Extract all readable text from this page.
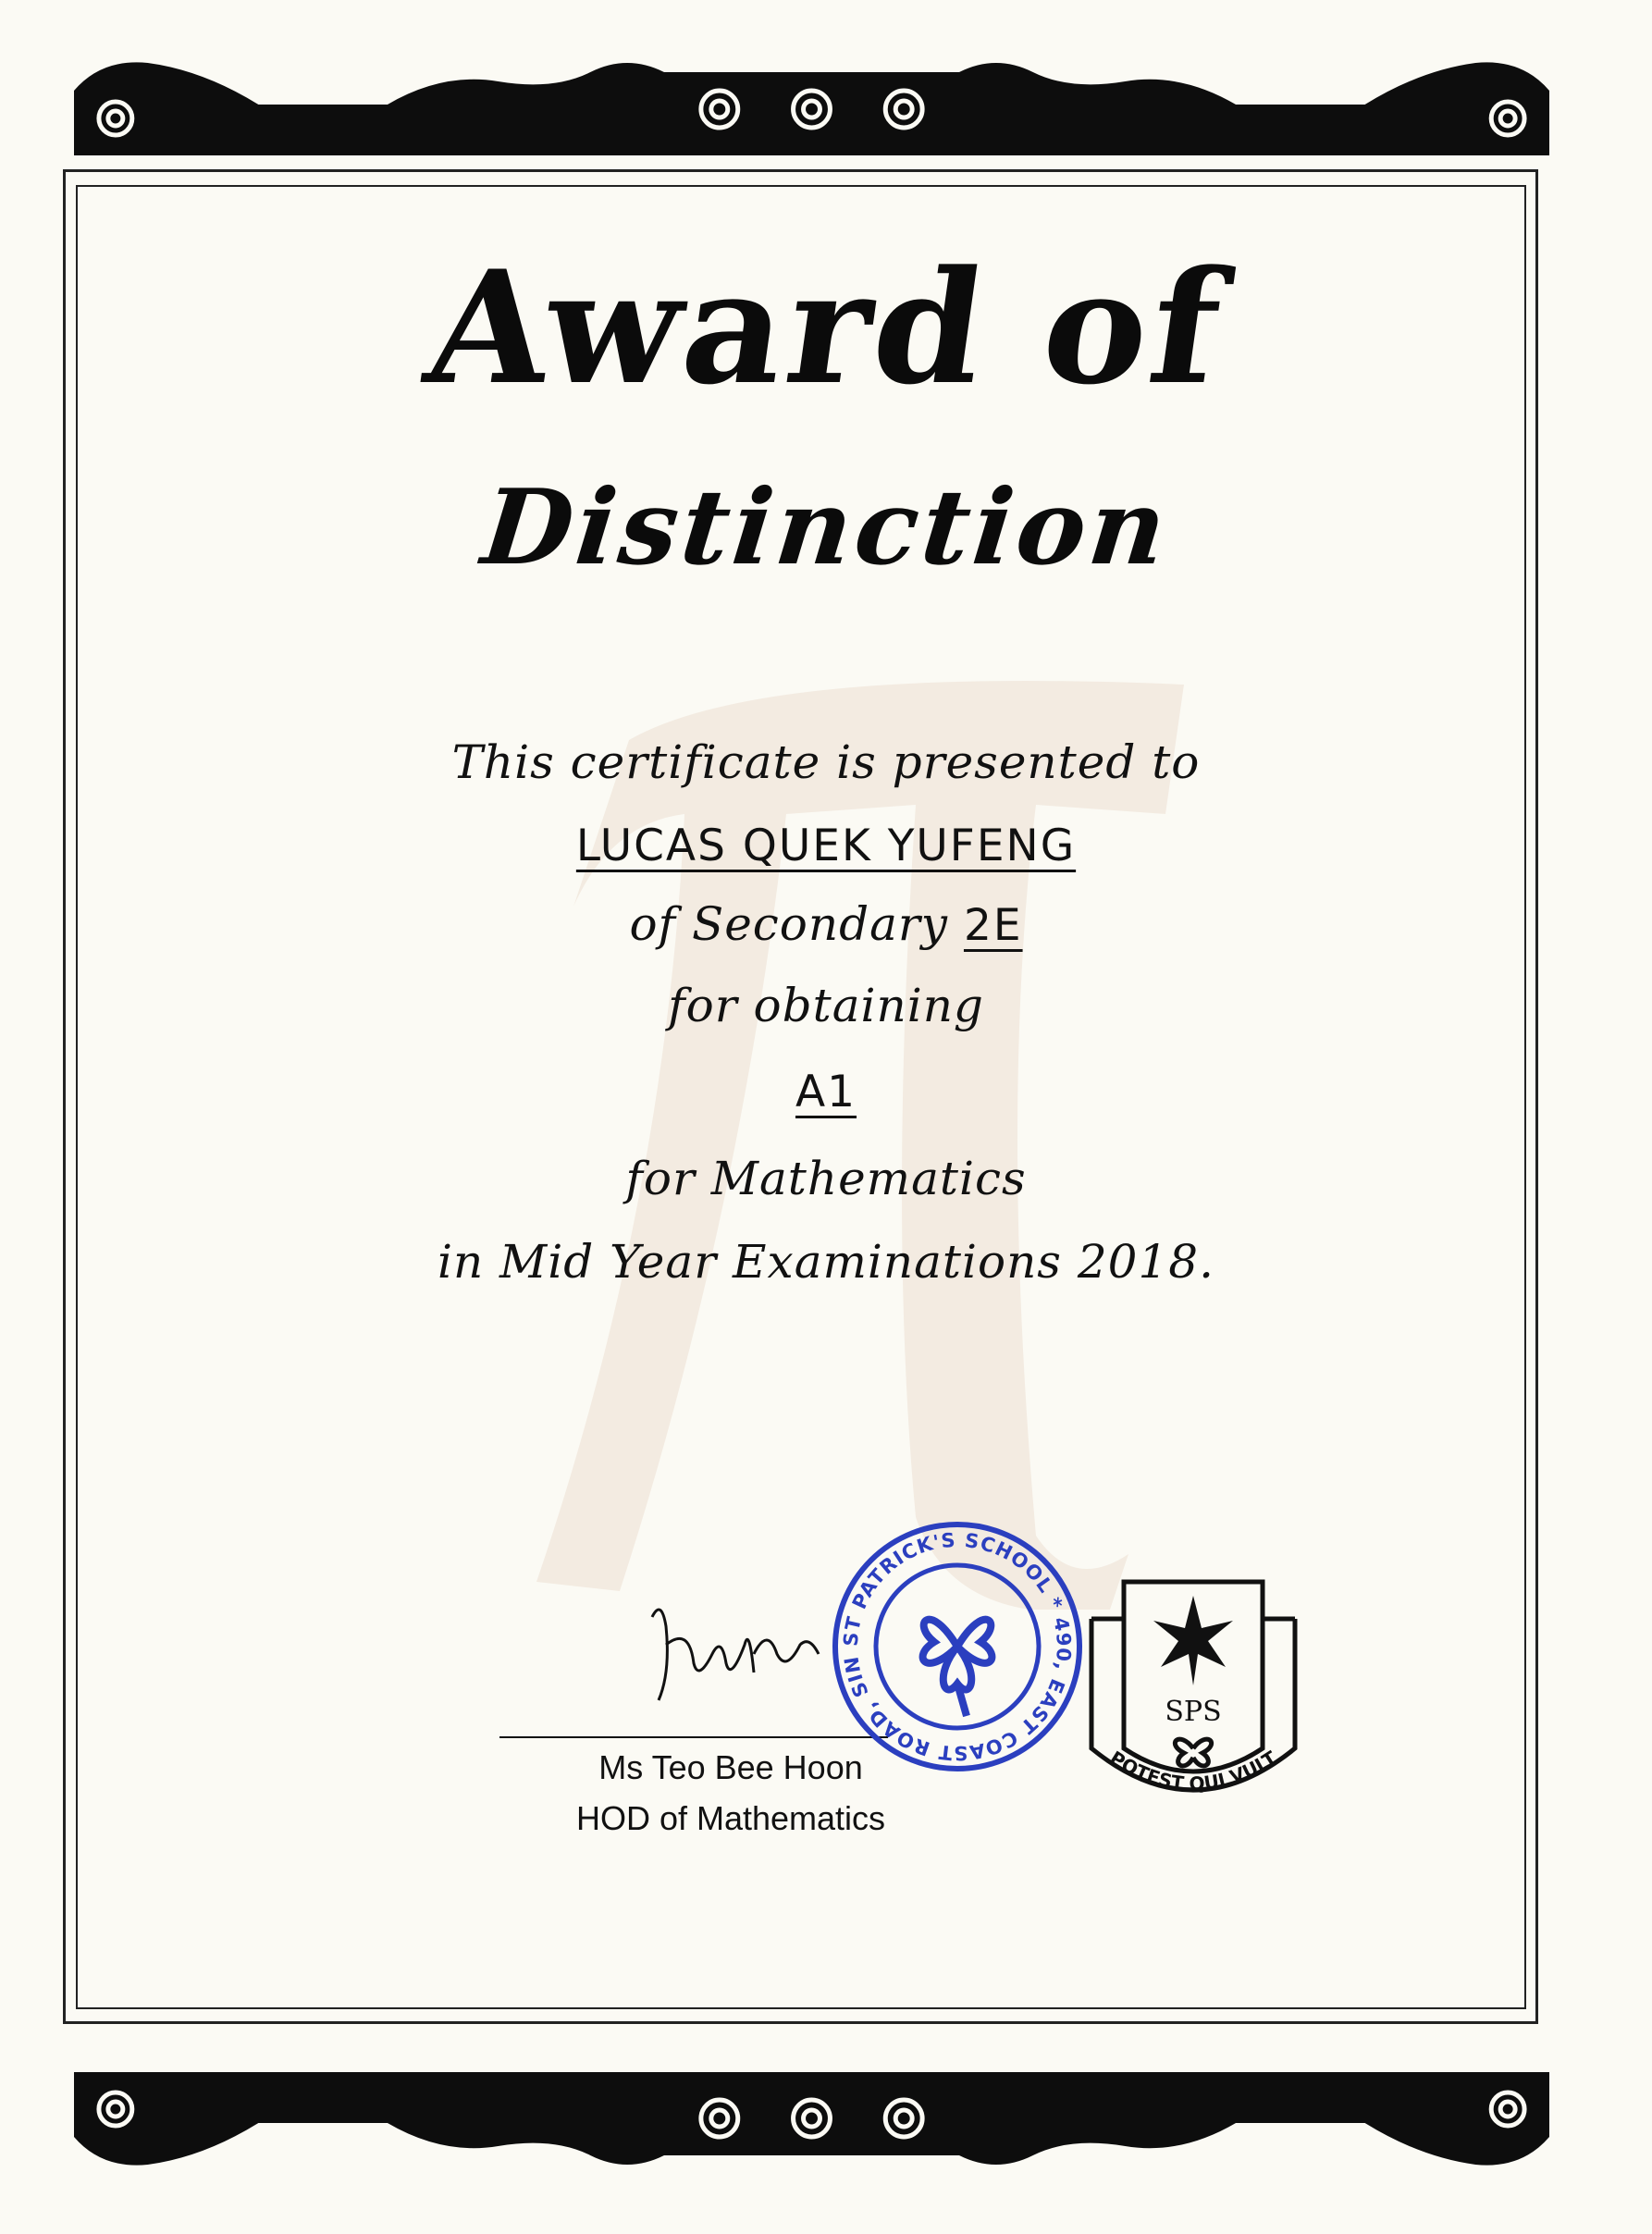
Award of
Distinction
This certificate is presented to
LUCAS QUEK YUFENG
of Secondary 2E
for obtaining
A1
for Mathematics
in Mid Year Examinations 2018.
Ms Teo Bee Hoon
HOD of Mathematics
ST PATRICK'S SCHOOL * 490, EAST COAST ROAD, SIN
SPS
POTEST QUI VULT
